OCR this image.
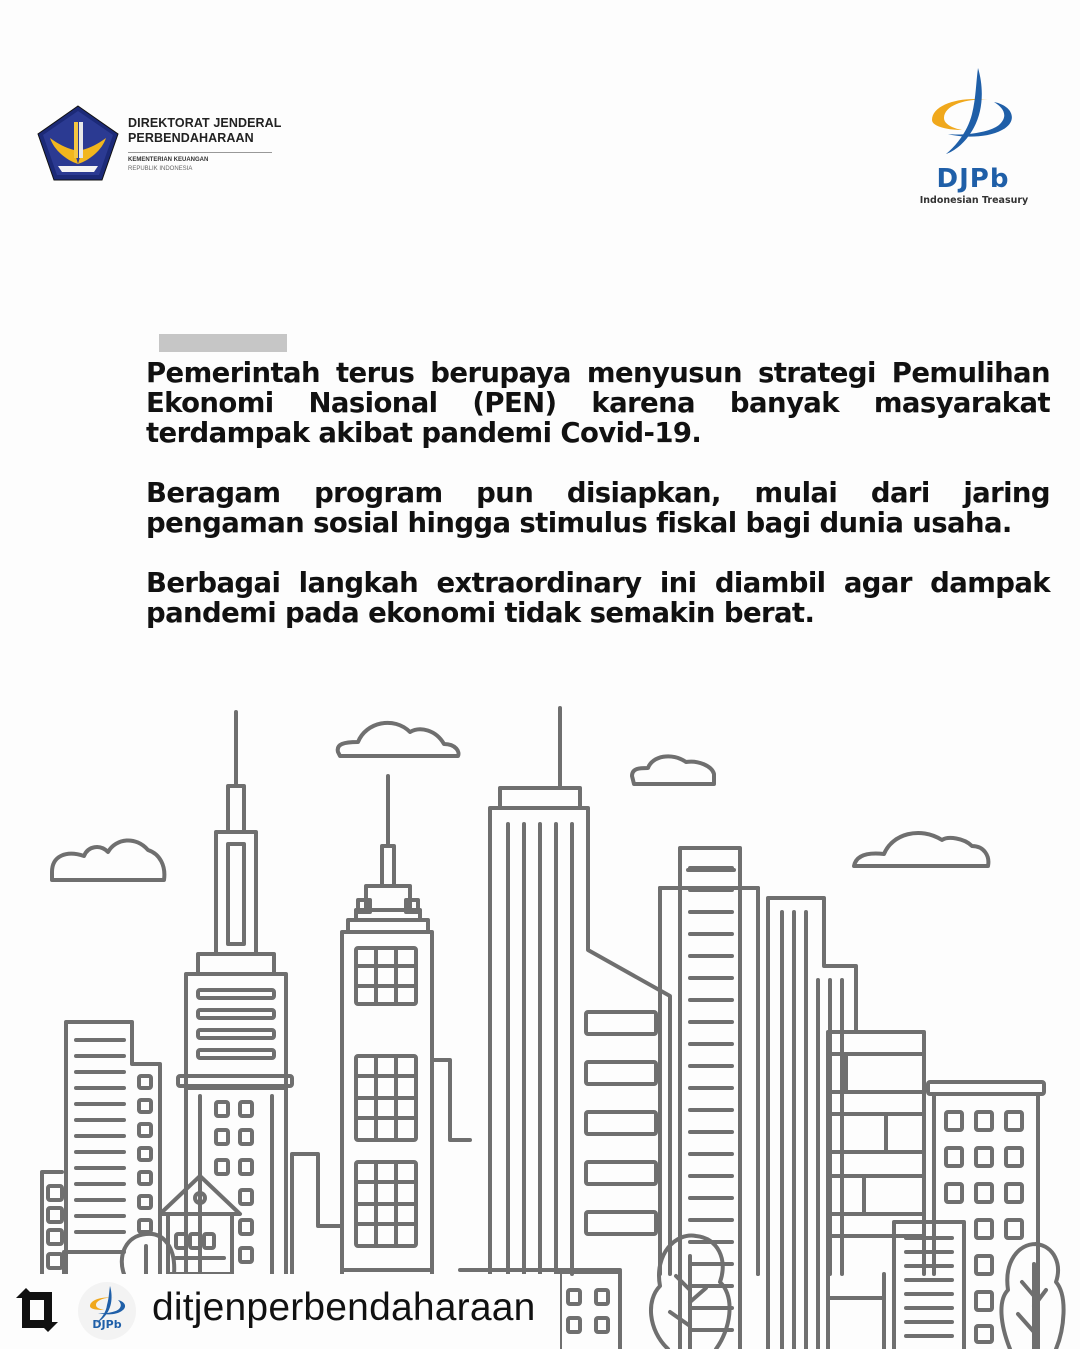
DIREKTORAT JENDERAL
PERBENDAHARAAN
KEMENTERIAN KEUANGAN
REPUBLIK INDONESIA	DJPb
Indonesian Treasury

Pemerintah terus berupaya menyusun strategi Pemulihan Ekonomi Nasional (PEN) karena banyak masyarakat terdampak akibat pandemi Covid-19.

Beragam program pun disiapkan, mulai dari jaring pengaman sosial hingga stimulus fiskal bagi dunia usaha.

Berbagai langkah extraordinary ini diambil agar dampak pandemi pada ekonomi tidak semakin berat.

DJPb ditjenperbendaharaan
